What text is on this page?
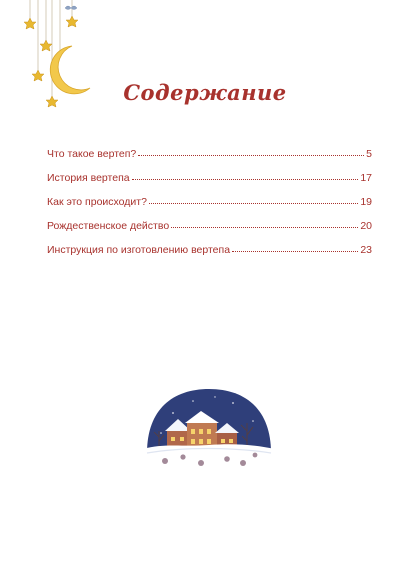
Содержание
Что такое вертеп?	5
История вертепа	17
Как это происходит?	19
Рождественское действо	20
Инструкция по изготовлению вертепа	23
